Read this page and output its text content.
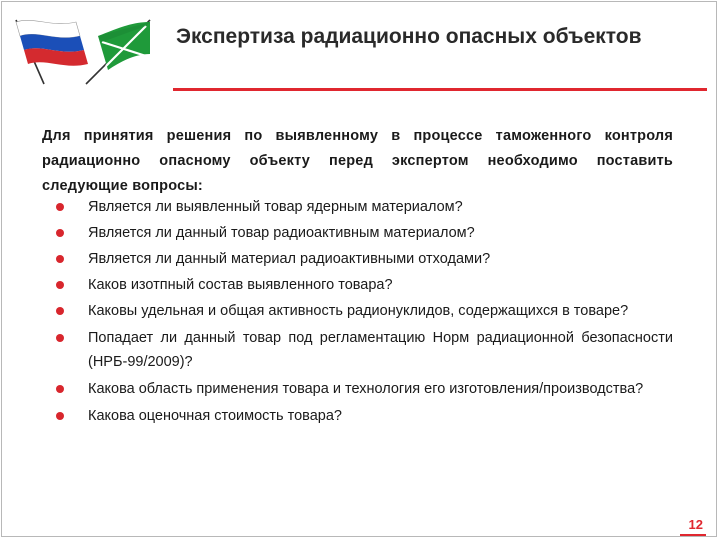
Экспертиза радиационно опасных объектов
Для принятия решения по выявленному в процессе таможенного контроля радиационно опасному объекту перед экспертом необходимо поставить следующие вопросы:
Является ли выявленный товар ядерным материалом?
Является ли данный товар радиоактивным материалом?
Является ли данный материал радиоактивными отходами?
Каков изотпный состав выявленного товара?
Каковы удельная и общая активность радионуклидов, содержащихся в товаре?
Попадает ли данный товар под регламентацию Норм радиационной безопасности (НРБ-99/2009)?
Какова область применения товара и технология его изготовления/производства?
Какова оценочная стоимость товара?
12
